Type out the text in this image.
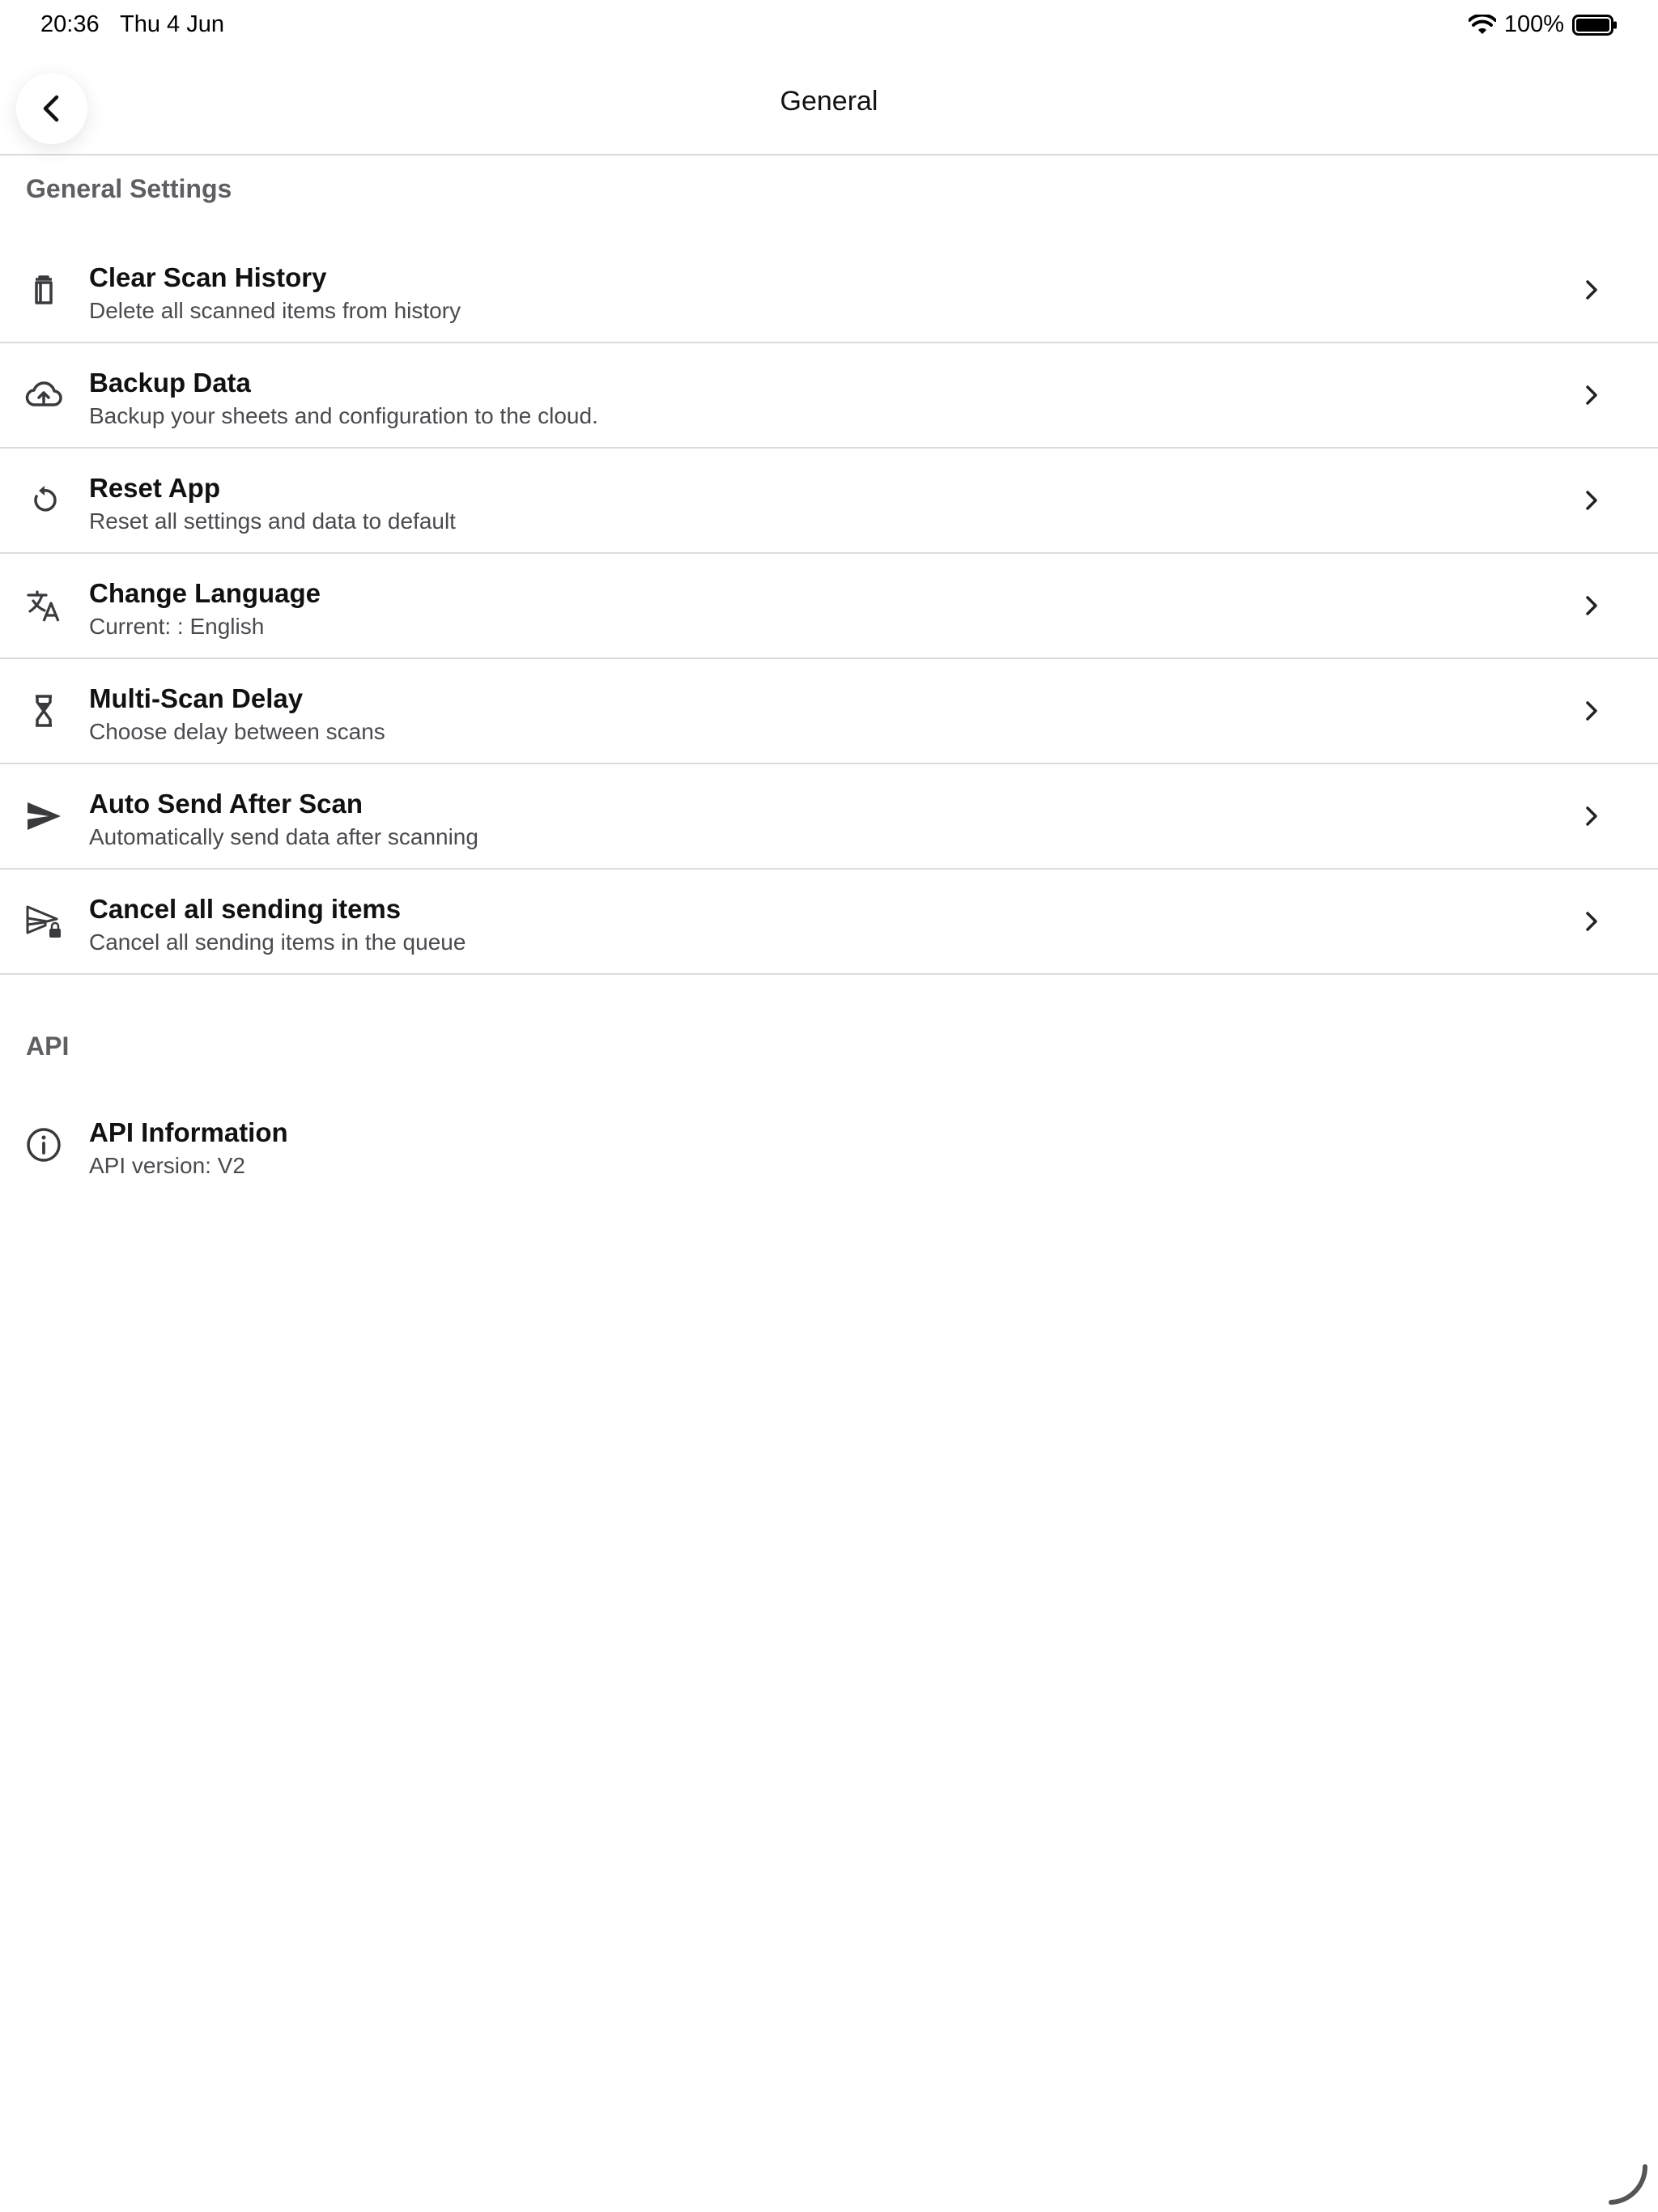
20:36 Thu 4 Jun	100%
General
General Settings
Clear Scan History
Delete all scanned items from history
Backup Data
Backup your sheets and configuration to the cloud.
Reset App
Reset all settings and data to default
Change Language
Current: : English
Multi-Scan Delay
Choose delay between scans
Auto Send After Scan
Automatically send data after scanning
Cancel all sending items
Cancel all sending items in the queue
API
API Information
API version: V2
